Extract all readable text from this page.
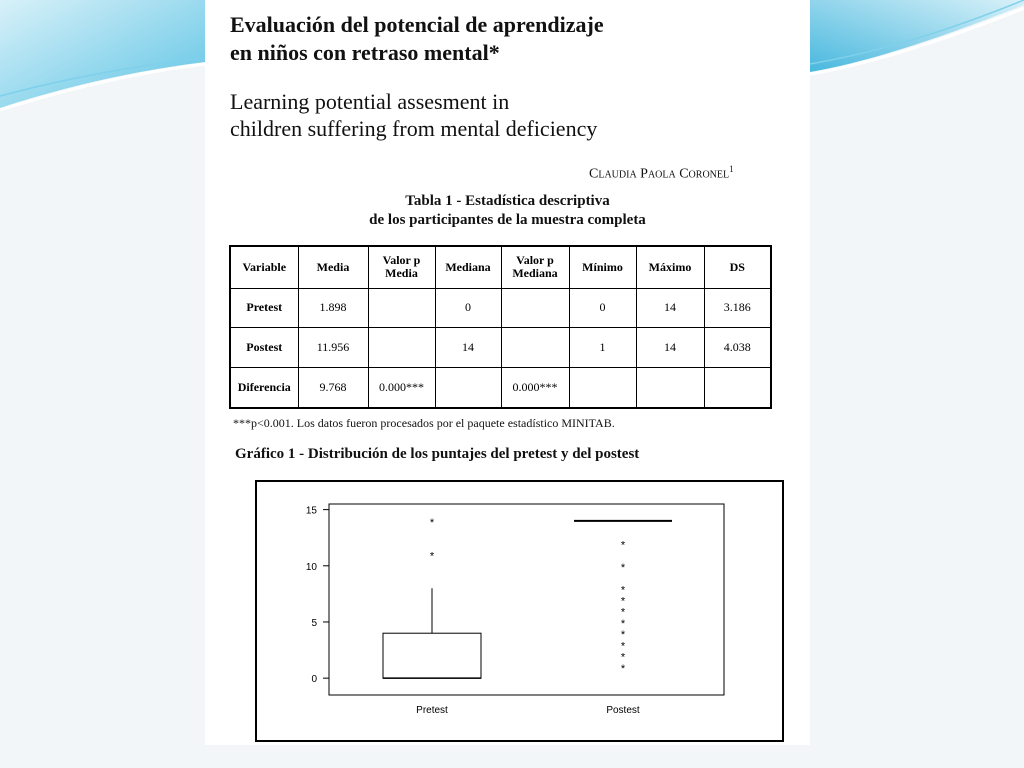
Evaluación del potencial de aprendizaje
en niños con retraso mental*
Learning potential assesment in
children suffering from mental deficiency
Claudia Paola Coronel$^1$
Tabla 1 - Estadística descriptiva
de los participantes de la muestra completa
Variable	Media	Valor p Media	Mediana	Valor p Mediana	Mínimo	Máximo	DS
Pretest	1.898		0		0	14	3.186
Postest	11.956		14		1	14	4.038
Diferencia	9.768	0.000***		0.000***			
***p<0.001. Los datos fueron procesados por el paquete estadístico MINITAB.
Gráfico 1 - Distribución de los puntajes del pretest y del postest
0
5
10
15
Pretest	Postest
*
*
*
*
*
*
*
*
*
*
*
*
